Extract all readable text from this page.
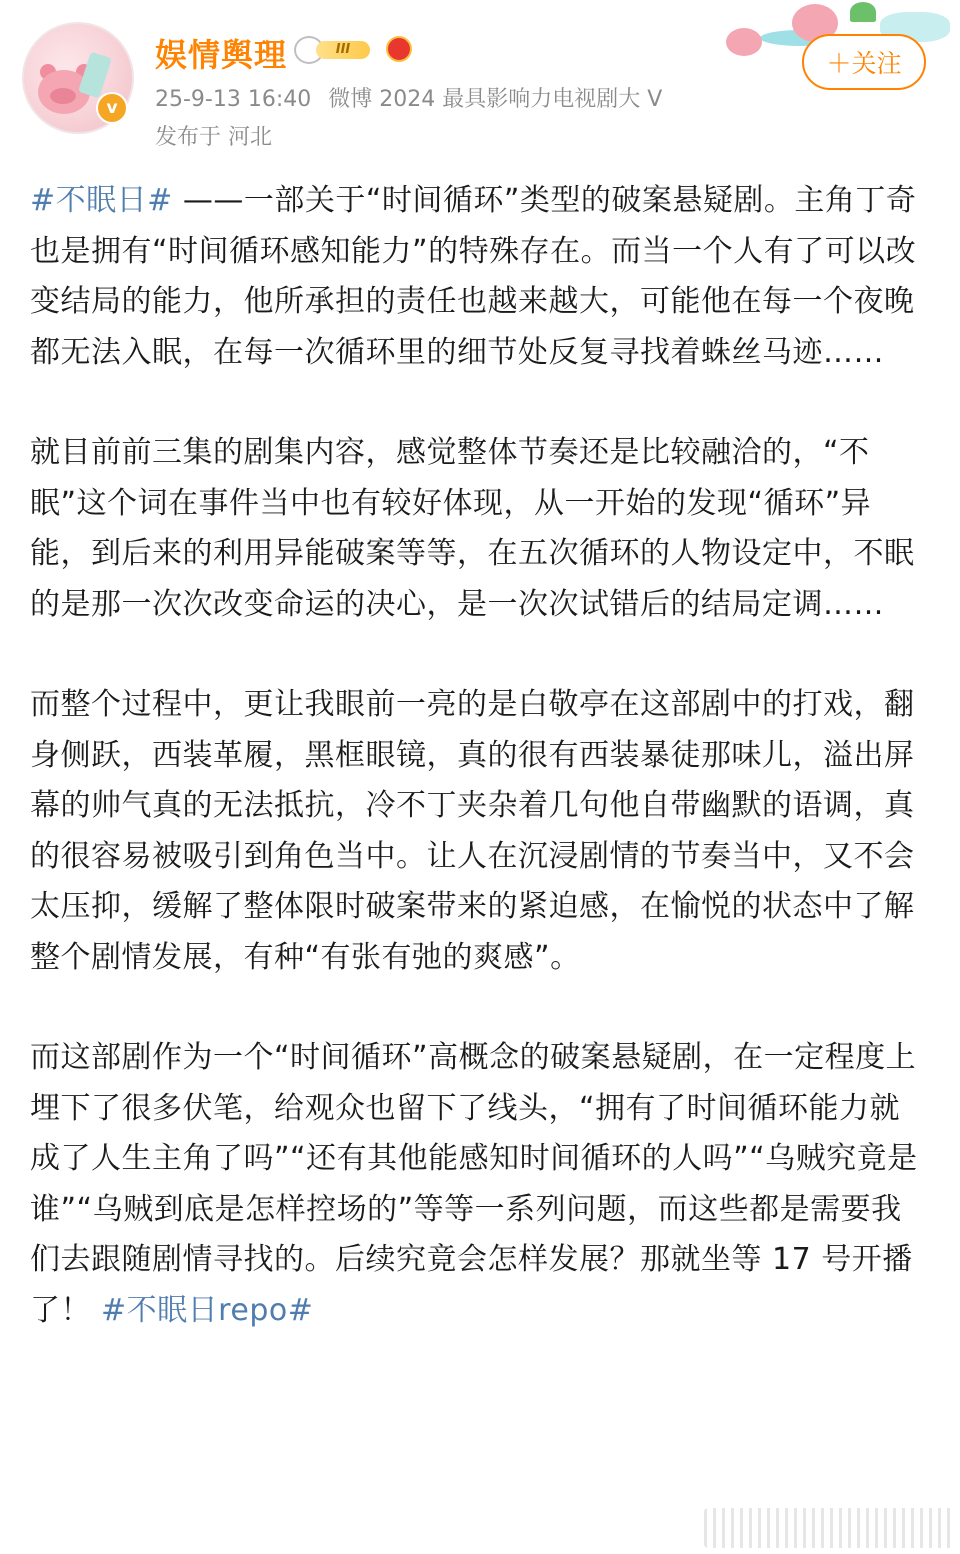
v
娱情舆理	III
25-9-13 16:40 微博 2024 最具影响力电视剧大 V
发布于 河北
＋关注

#不眠日# ——一部关于“时间循环”类型的破案悬疑剧。主角丁奇也是拥有“时间循环感知能力”的特殊存在。而当一个人有了可以改变结局的能力，他所承担的责任也越来越大，可能他在每一个夜晚都无法入眠，在每一次循环里的细节处反复寻找着蛛丝马迹……

就目前前三集的剧集内容，感觉整体节奏还是比较融洽的，“不眠”这个词在事件当中也有较好体现，从一开始的发现“循环”异能，到后来的利用异能破案等等，在五次循环的人物设定中，不眠的是那一次次改变命运的决心，是一次次试错后的结局定调……

而整个过程中，更让我眼前一亮的是白敬亭在这部剧中的打戏，翻身侧跃，西装革履，黑框眼镜，真的很有西装暴徒那味儿，溢出屏幕的帅气真的无法抵抗，冷不丁夹杂着几句他自带幽默的语调，真的很容易被吸引到角色当中。让人在沉浸剧情的节奏当中，又不会太压抑，缓解了整体限时破案带来的紧迫感，在愉悦的状态中了解整个剧情发展，有种“有张有弛的爽感”。

而这部剧作为一个“时间循环”高概念的破案悬疑剧，在一定程度上埋下了很多伏笔，给观众也留下了线头，“拥有了时间循环能力就成了人生主角了吗”“还有其他能感知时间循环的人吗”“乌贼究竟是谁”“乌贼到底是怎样控场的”等等一系列问题，而这些都是需要我们去跟随剧情寻找的。后续究竟会怎样发展？那就坐等 17 号开播了！ #不眠日repo#
